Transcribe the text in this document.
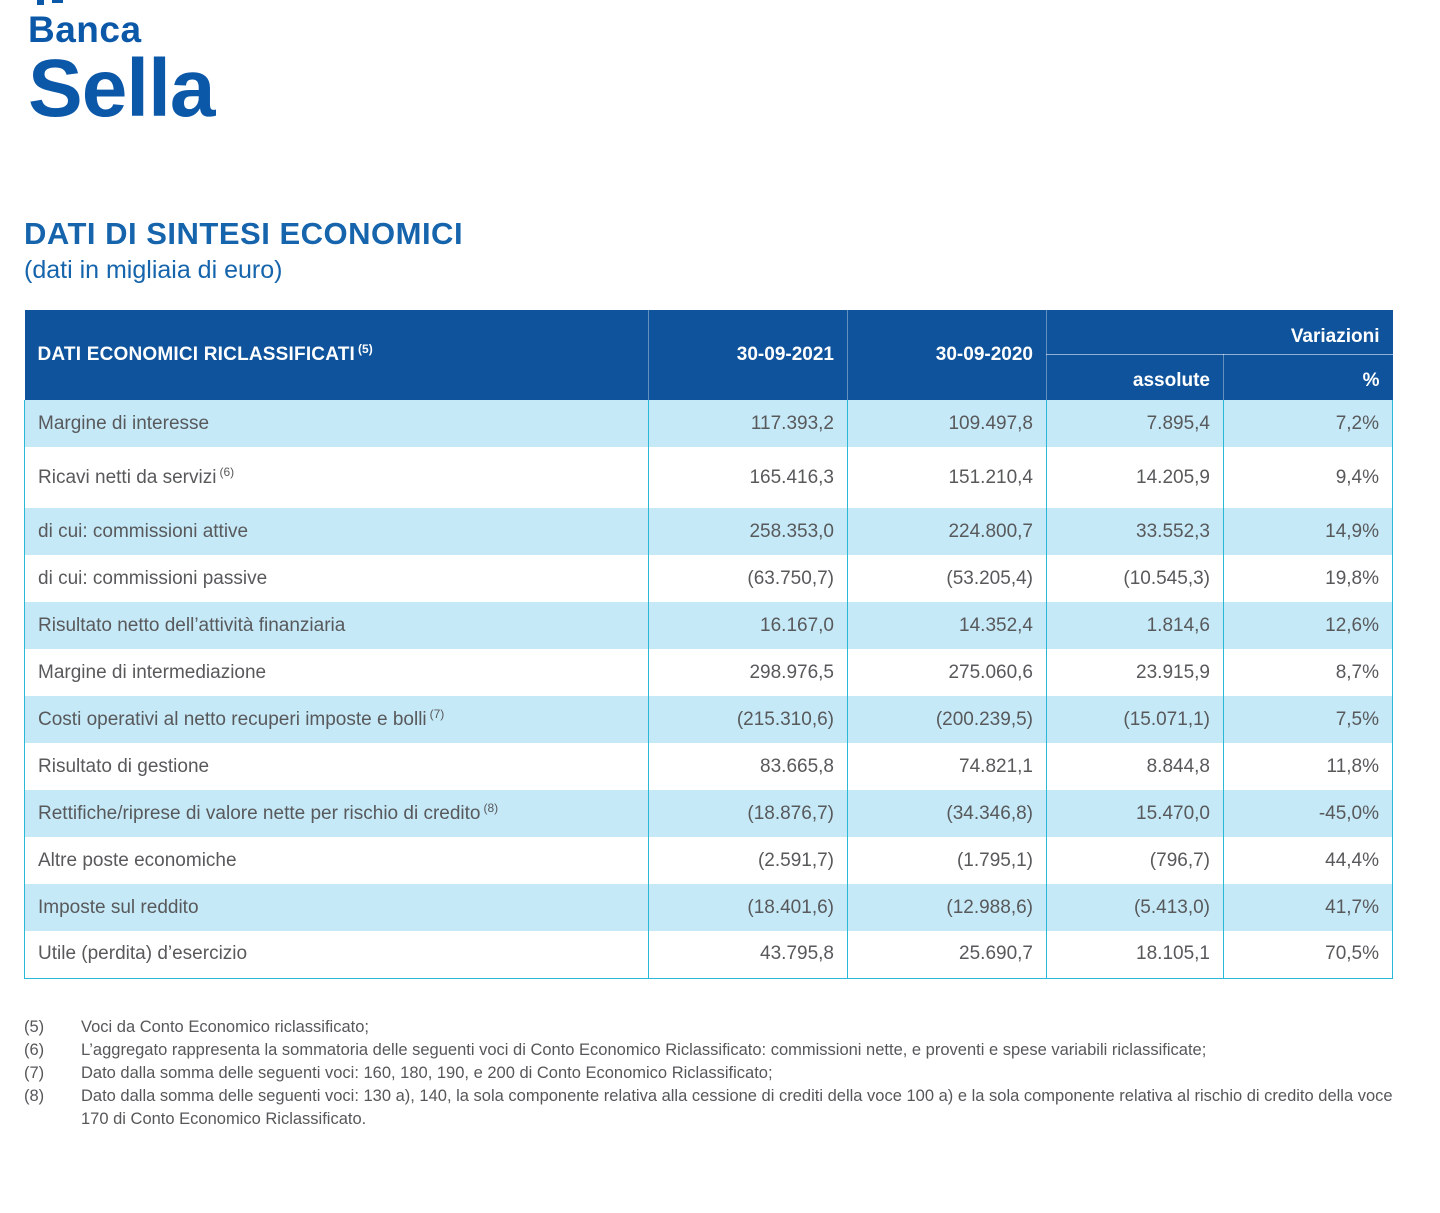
Banca
Sella
DATI DI SINTESI ECONOMICI
(dati in migliaia di euro)
DATI ECONOMICI RICLASSIFICATI $^{(5)}$	30-09-2021	30-09-2020	Variazioni	
			assolute	%
Margine di interesse	117.393,2	109.497,8	7.895,4	7,2%
Ricavi netti da servizi $^{(6)}$	165.416,3	151.210,4	14.205,9	9,4%
di cui: commissioni attive	258.353,0	224.800,7	33.552,3	14,9%
di cui: commissioni passive	(63.750,7)	(53.205,4)	(10.545,3)	19,8%
Risultato netto dell’attività finanziaria	16.167,0	14.352,4	1.814,6	12,6%
Margine di intermediazione	298.976,5	275.060,6	23.915,9	8,7%
Costi operativi al netto recuperi imposte e bolli $^{(7)}$	(215.310,6)	(200.239,5)	(15.071,1)	7,5%
Risultato di gestione	83.665,8	74.821,1	8.844,8	11,8%
Rettifiche/riprese di valore nette per rischio di credito $^{(8)}$	(18.876,7)	(34.346,8)	15.470,0	-45,0%
Altre poste economiche	(2.591,7)	(1.795,1)	(796,7)	44,4%
Imposte sul reddito	(18.401,6)	(12.988,6)	(5.413,0)	41,7%
Utile (perdita) d’esercizio	43.795,8	25.690,7	18.105,1	70,5%
(5)	Voci da Conto Economico riclassificato;
(6)	L’aggregato rappresenta la sommatoria delle seguenti voci di Conto Economico Riclassificato: commissioni nette, e proventi e spese variabili riclassificate;
(7)	Dato dalla somma delle seguenti voci: 160, 180, 190, e 200 di Conto Economico Riclassificato;
(8)	Dato dalla somma delle seguenti voci: 130 a), 140, la sola componente relativa alla cessione di crediti della voce 100 a) e la sola componente relativa al rischio di credito della voce 170 di Conto Economico Riclassificato.
